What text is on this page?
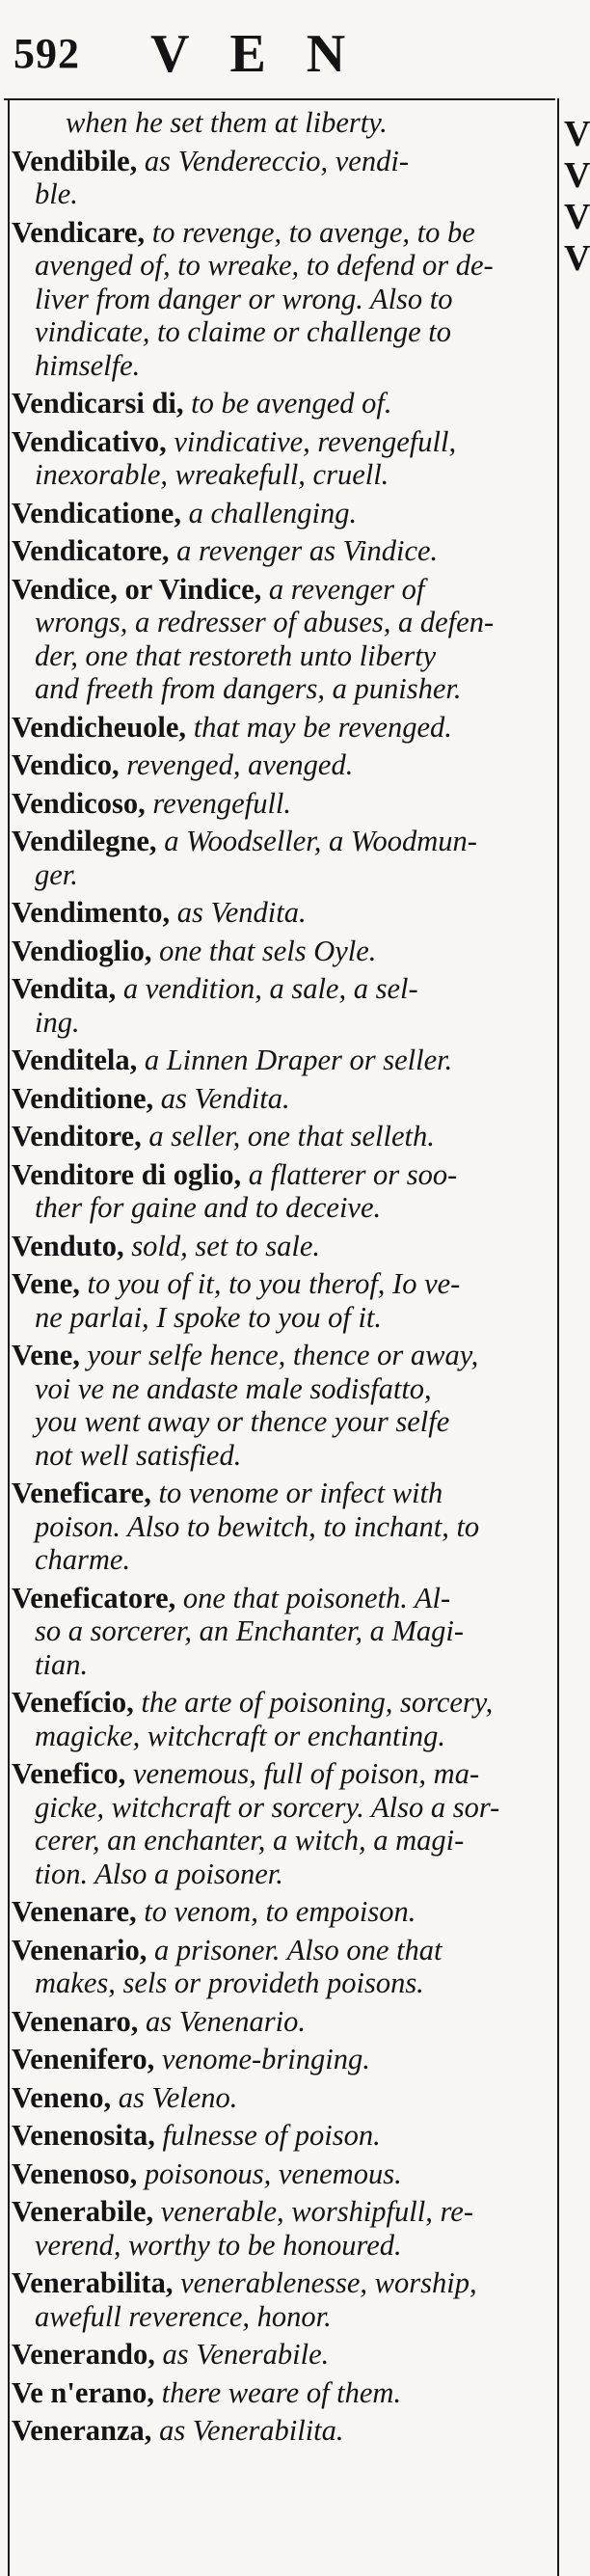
592 VEN
V
V
V
V
when he set them at liberty.
Vendibile, as Vendereccio, vendi-
ble.
Vendicare, to revenge, to avenge, to be
avenged of, to wreake, to defend or de-
liver from danger or wrong. Also to
vindicate, to claime or challenge to
himselfe.
Vendicarsi di, to be avenged of.
Vendicativo, vindicative, revengefull,
inexorable, wreakefull, cruell.
Vendicatione, a challenging.
Vendicatore, a revenger as Vindice.
Vendice, or Vindice, a revenger of
wrongs, a redresser of abuses, a defen-
der, one that restoreth unto liberty
and freeth from dangers, a punisher.
Vendicheuole, that may be revenged.
Vendico, revenged, avenged.
Vendicoso, revengefull.
Vendilegne, a Woodseller, a Woodmun-
ger.
Vendimento, as Vendita.
Vendioglio, one that sels Oyle.
Vendita, a vendition, a sale, a sel-
ing.
Venditela, a Linnen Draper or seller.
Venditione, as Vendita.
Venditore, a seller, one that selleth.
Venditore di oglio, a flatterer or soo-
ther for gaine and to deceive.
Venduto, sold, set to sale.
Vene, to you of it, to you therof, Io ve-
ne parlai, I spoke to you of it.
Vene, your selfe hence, thence or away,
voi ve ne andaste male sodisfatto,
you went away or thence your selfe
not well satisfied.
Veneficare, to venome or infect with
poison. Also to bewitch, to inchant, to
charme.
Veneficatore, one that poisoneth. Al-
so a sorcerer, an Enchanter, a Magi-
tian.
Venefício, the arte of poisoning, sorcery,
magicke, witchcraft or enchanting.
Venefico, venemous, full of poison, ma-
gicke, witchcraft or sorcery. Also a sor-
cerer, an enchanter, a witch, a magi-
tion. Also a poisoner.
Venenare, to venom, to empoison.
Venenario, a prisoner. Also one that
makes, sels or provideth poisons.
Venenaro, as Venenario.
Venenifero, venome-bringing.
Veneno, as Veleno.
Venenosita, fulnesse of poison.
Venenoso, poisonous, venemous.
Venerabile, venerable, worshipfull, re-
verend, worthy to be honoured.
Venerabilita, venerablenesse, worship,
awefull reverence, honor.
Venerando, as Venerabile.
Ve n'erano, there weare of them.
Veneranza, as Venerabilita.
